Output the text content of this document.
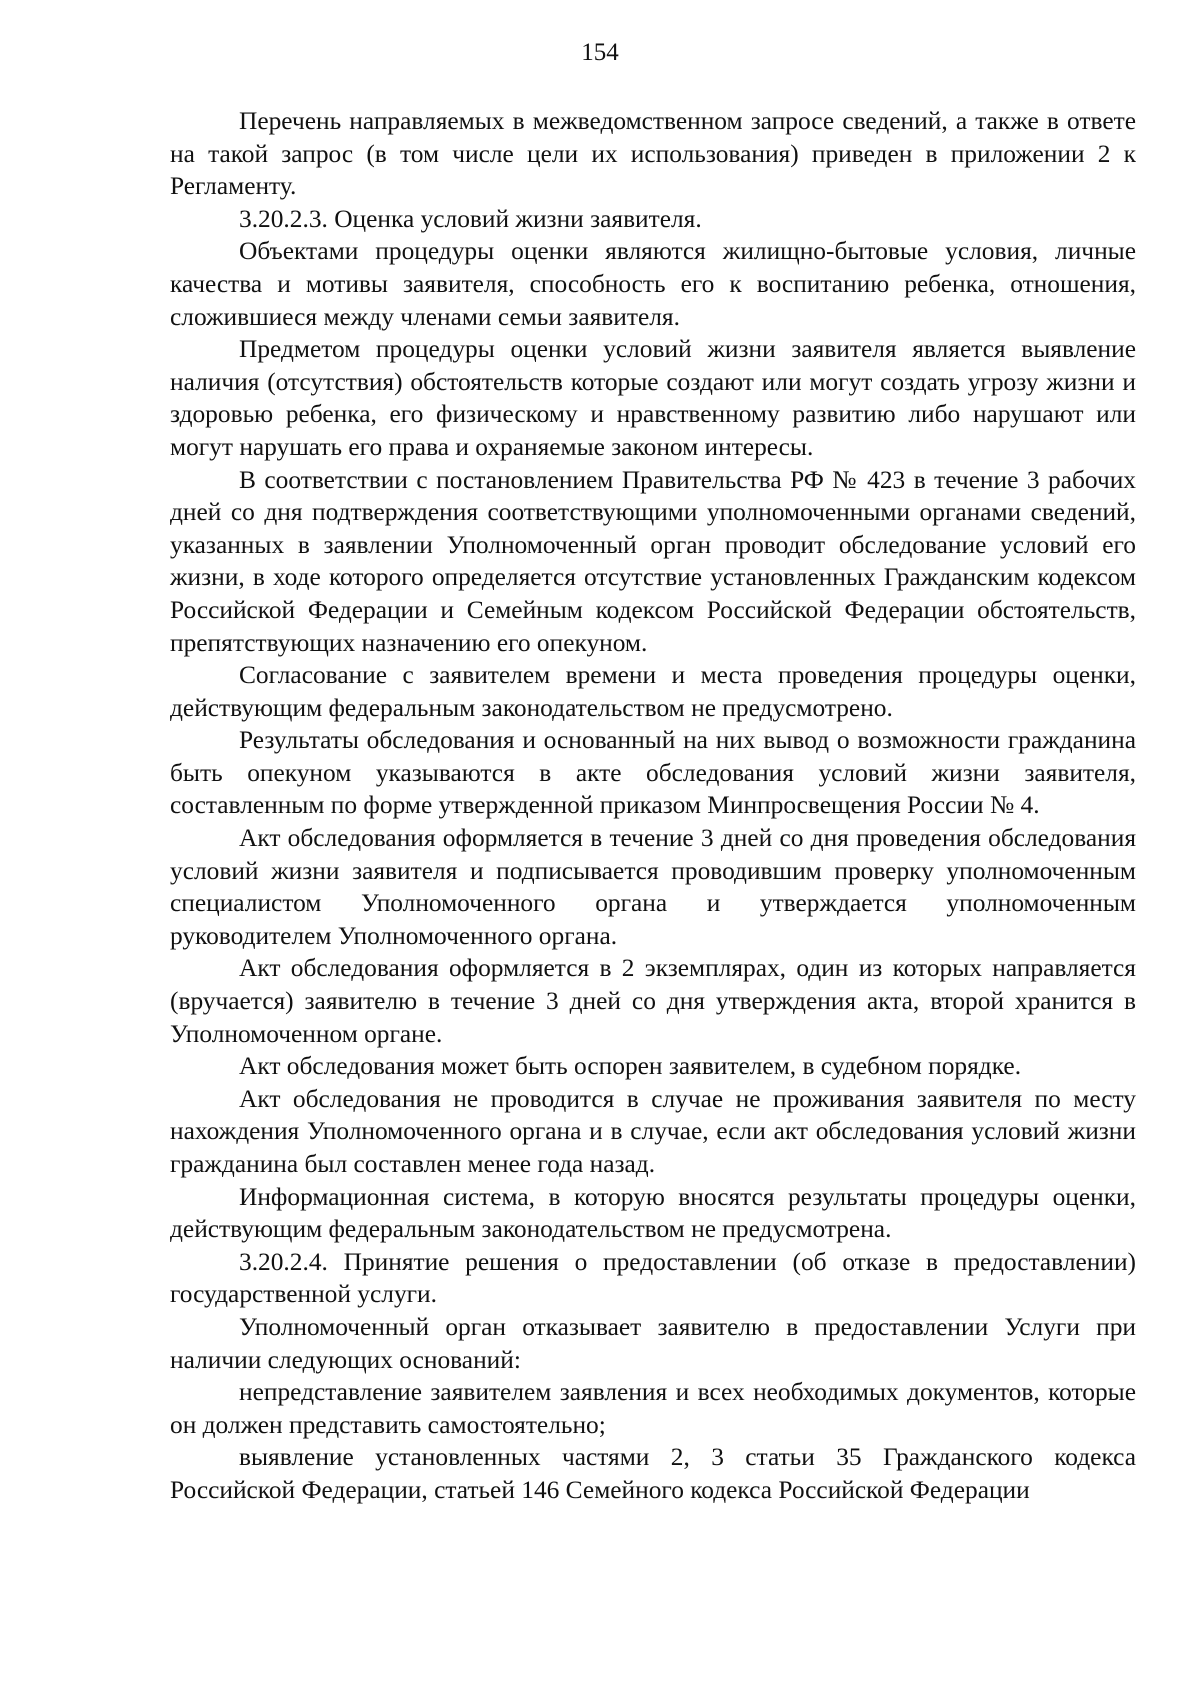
154

Перечень направляемых в межведомственном запросе сведений, а также в ответе на такой запрос (в том числе цели их использования) приведен в приложении 2 к Регламенту.

3.20.2.3. Оценка условий жизни заявителя.

Объектами процедуры оценки являются жилищно-бытовые условия, личные качества и мотивы заявителя, способность его к воспитанию ребенка, отношения, сложившиеся между членами семьи заявителя.

Предметом процедуры оценки условий жизни заявителя является выявление наличия (отсутствия) обстоятельств которые создают или могут создать угрозу жизни и здоровью ребенка, его физическому и нравственному развитию либо нарушают или могут нарушать его права и охраняемые законом интересы.

В соответствии с постановлением Правительства РФ № 423 в течение 3 рабочих дней со дня подтверждения соответствующими уполномоченными органами сведений, указанных в заявлении Уполномоченный орган проводит обследование условий его жизни, в ходе которого определяется отсутствие установленных Гражданским кодексом Российской Федерации и Семейным кодексом Российской Федерации обстоятельств, препятствующих назначению его опекуном.

Согласование с заявителем времени и места проведения процедуры оценки, действующим федеральным законодательством не предусмотрено.

Результаты обследования и основанный на них вывод о возможности гражданина быть опекуном указываются в акте обследования условий жизни заявителя, составленным по форме утвержденной приказом Минпросвещения России № 4.

Акт обследования оформляется в течение 3 дней со дня проведения обследования условий жизни заявителя и подписывается проводившим проверку уполномоченным специалистом Уполномоченного органа и утверждается уполномоченным руководителем Уполномоченного органа.

Акт обследования оформляется в 2 экземплярах, один из которых направляется (вручается) заявителю в течение 3 дней со дня утверждения акта, второй хранится в Уполномоченном органе.

Акт обследования может быть оспорен заявителем, в судебном порядке.

Акт обследования не проводится в случае не проживания заявителя по месту нахождения Уполномоченного органа и в случае, если акт обследования условий жизни гражданина был составлен менее года назад.

Информационная система, в которую вносятся результаты процедуры оценки, действующим федеральным законодательством не предусмотрена.

3.20.2.4. Принятие решения о предоставлении (об отказе в предоставлении) государственной услуги.

Уполномоченный орган отказывает заявителю в предоставлении Услуги при наличии следующих оснований:

непредставление заявителем заявления и всех необходимых документов, которые он должен представить самостоятельно;

выявление установленных частями 2, 3 статьи 35 Гражданского кодекса Российской Федерации, статьей 146 Семейного кодекса Российской Федерации
